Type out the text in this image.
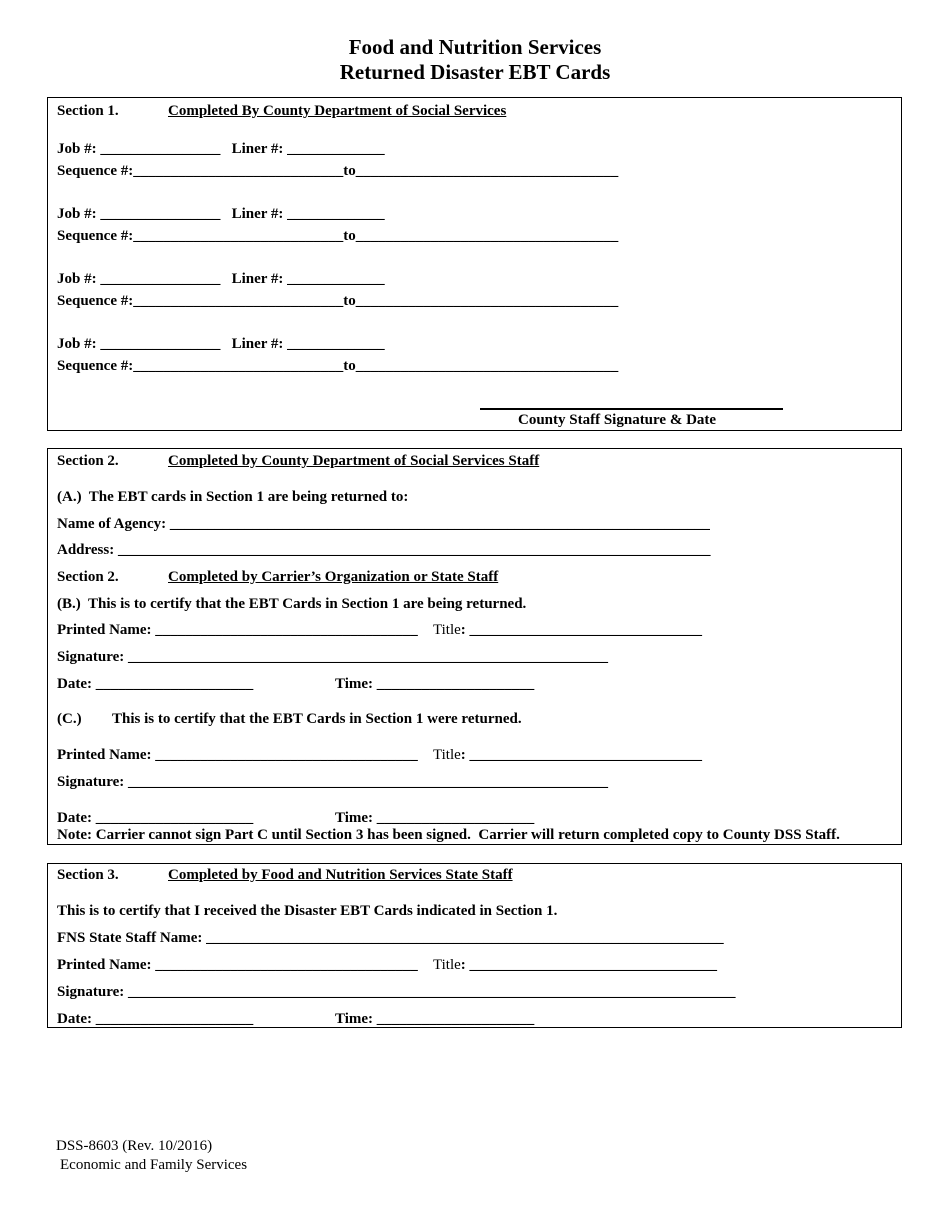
Food and Nutrition Services
Returned Disaster EBT Cards
Section 1.	Completed By County Department of Social Services
Job #: ________________   Liner #: _____________
Sequence #:____________________________to___________________________________
Job #: ________________   Liner #: _____________
Sequence #:____________________________to___________________________________
Job #: ________________   Liner #: _____________
Sequence #:____________________________to___________________________________
Job #: ________________   Liner #: _____________
Sequence #:____________________________to___________________________________
County Staff Signature & Date
Section 2.	Completed by County Department of Social Services Staff
(A.)  The EBT cards in Section 1 are being returned to:
Name of Agency: ________________________________________________________________________
Address: _______________________________________________________________________________
Section 2.	Completed by Carrier’s Organization or State Staff
(B.)  This is to certify that the EBT Cards in Section 1 are being returned.
Printed Name: ___________________________________ Title: _______________________________
Signature: ________________________________________________________________
Date: _____________________	Time: _____________________
(C.) This is to certify that the EBT Cards in Section 1 were returned.
Printed Name: ___________________________________ Title: _______________________________
Signature: ________________________________________________________________
Date: _____________________	Time: _____________________
Note: Carrier cannot sign Part C until Section 3 has been signed.  Carrier will return completed copy to County DSS Staff.
Section 3.	Completed by Food and Nutrition Services State Staff
This is to certify that I received the Disaster EBT Cards indicated in Section 1.
FNS State Staff Name: _____________________________________________________________________
Printed Name: ___________________________________ Title: _________________________________
Signature: _________________________________________________________________________________
Date: _____________________	Time: _____________________
DSS-8603 (Rev. 10/2016)
Economic and Family Services
